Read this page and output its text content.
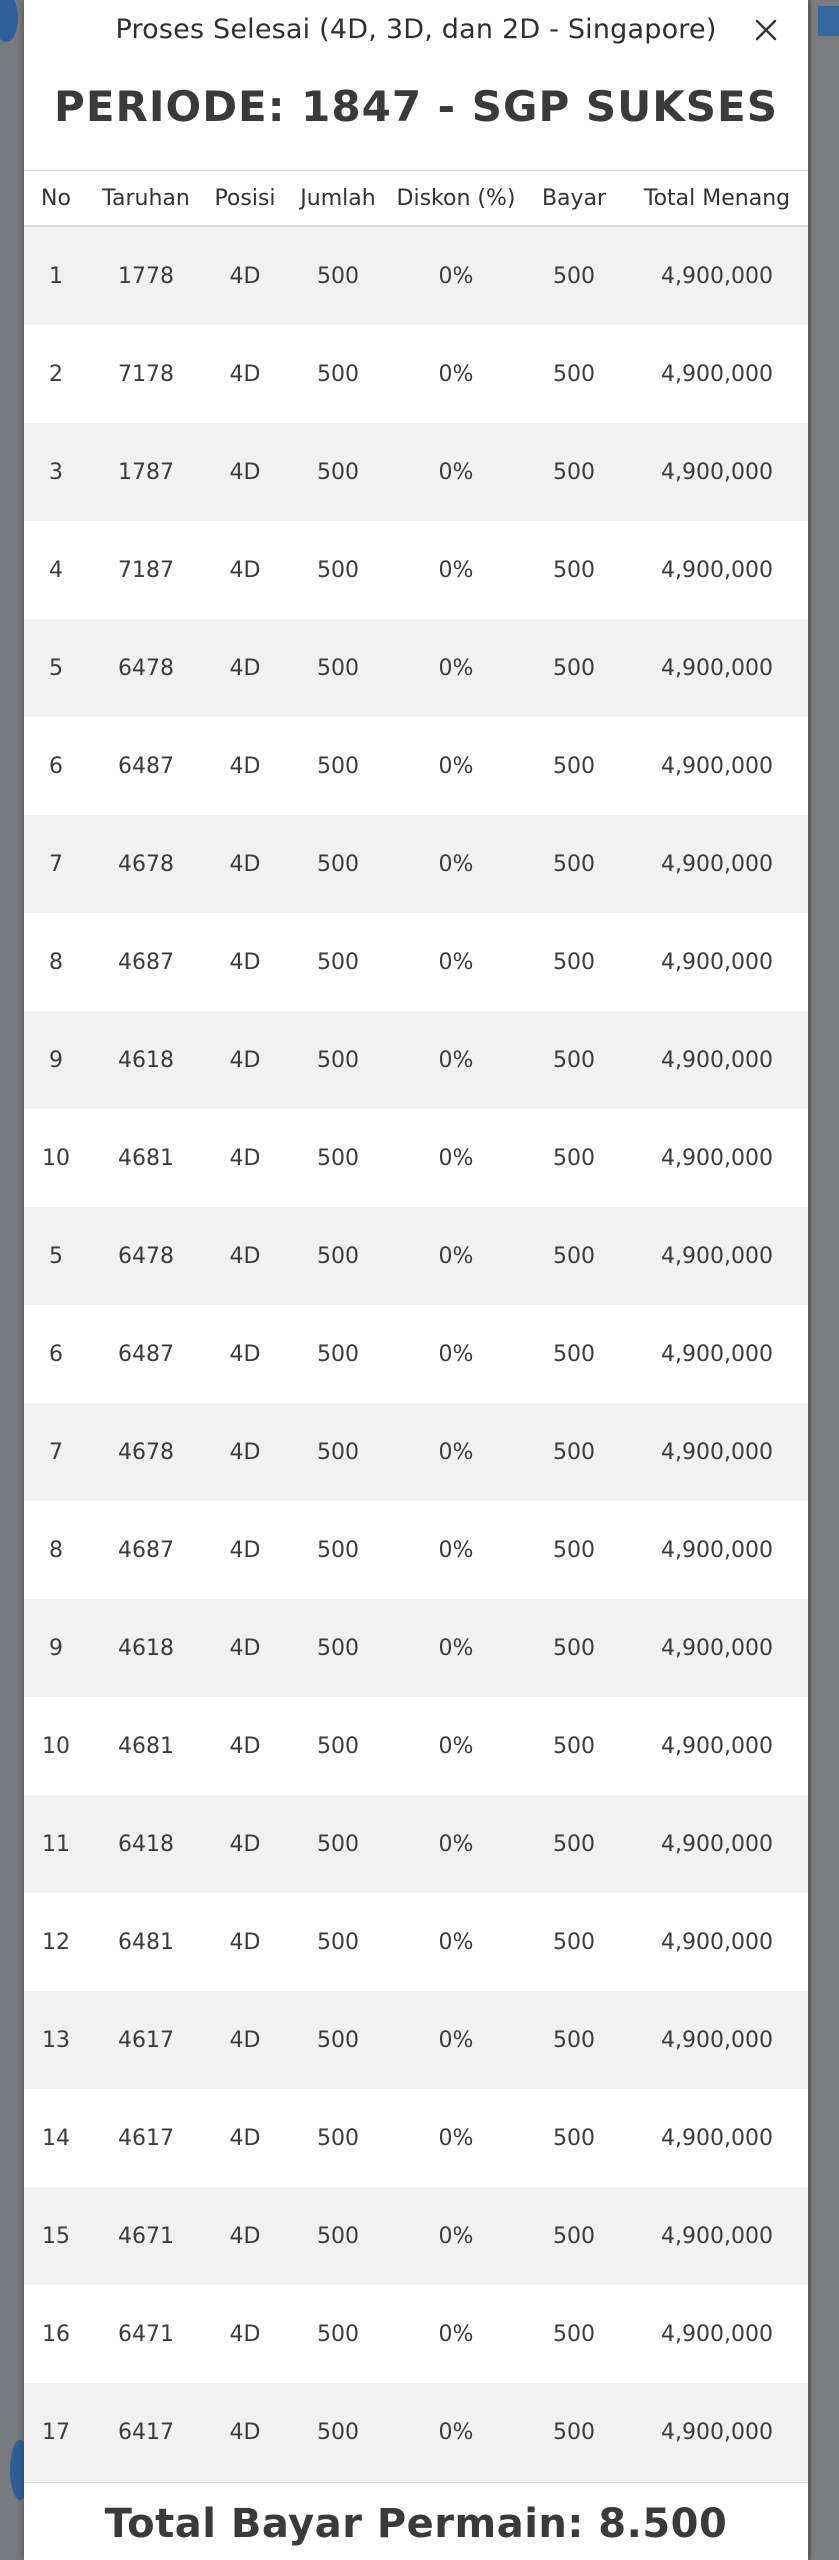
Proses Selesai (4D, 3D, dan 2D - Singapore)
PERIODE: 1847 - SGP SUKSES
No	Taruhan	Posisi	Jumlah	Diskon (%)	Bayar	Total Menang
1	1778	4D	500	0%	500	4,900,000
2	7178	4D	500	0%	500	4,900,000
3	1787	4D	500	0%	500	4,900,000
4	7187	4D	500	0%	500	4,900,000
5	6478	4D	500	0%	500	4,900,000
6	6487	4D	500	0%	500	4,900,000
7	4678	4D	500	0%	500	4,900,000
8	4687	4D	500	0%	500	4,900,000
9	4618	4D	500	0%	500	4,900,000
10	4681	4D	500	0%	500	4,900,000
5	6478	4D	500	0%	500	4,900,000
6	6487	4D	500	0%	500	4,900,000
7	4678	4D	500	0%	500	4,900,000
8	4687	4D	500	0%	500	4,900,000
9	4618	4D	500	0%	500	4,900,000
10	4681	4D	500	0%	500	4,900,000
11	6418	4D	500	0%	500	4,900,000
12	6481	4D	500	0%	500	4,900,000
13	4617	4D	500	0%	500	4,900,000
14	4617	4D	500	0%	500	4,900,000
15	4671	4D	500	0%	500	4,900,000
16	6471	4D	500	0%	500	4,900,000
17	6417	4D	500	0%	500	4,900,000
Total Bayar Permain: 8.500
